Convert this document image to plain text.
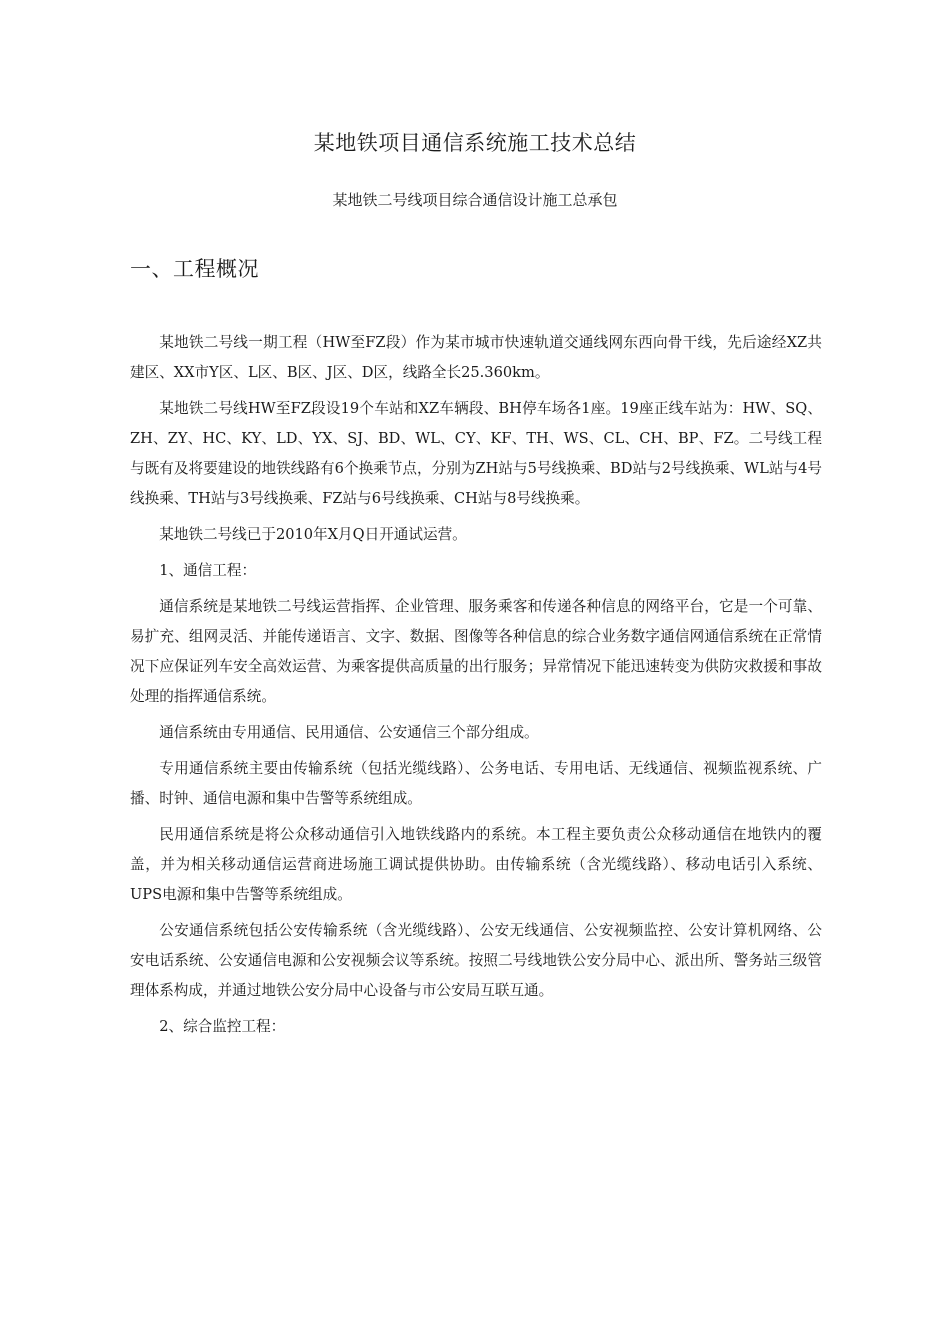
某地铁项目通信系统施工技术总结
某地铁二号线项目综合通信设计施工总承包
一、工程概况

某地铁二号线一期工程（HW至FZ段）作为某市城市快速轨道交通线网东西向骨干线，先后途经XZ共建区、XX市Y区、L区、B区、J区、D区，线路全长25.360km。

某地铁二号线HW至FZ段设19个车站和XZ车辆段、BH停车场各1座。19座正线车站为：HW、SQ、ZH、ZY、HC、KY、LD、YX、SJ、BD、WL、CY、KF、TH、WS、CL、CH、BP、FZ。二号线工程与既有及将要建设的地铁线路有6个换乘节点，分别为ZH站与5号线换乘、BD站与2号线换乘、WL站与4号线换乘、TH站与3号线换乘、FZ站与6号线换乘、CH站与8号线换乘。

某地铁二号线已于2010年X月Q日开通试运营。

1、通信工程：

通信系统是某地铁二号线运营指挥、企业管理、服务乘客和传递各种信息的网络平台，它是一个可靠、易扩充、组网灵活、并能传递语言、文字、数据、图像等各种信息的综合业务数字通信网通信系统在正常情况下应保证列车安全高效运营、为乘客提供高质量的出行服务；异常情况下能迅速转变为供防灾救援和事故处理的指挥通信系统。

通信系统由专用通信、民用通信、公安通信三个部分组成。

专用通信系统主要由传输系统（包括光缆线路）、公务电话、专用电话、无线通信、视频监视系统、广播、时钟、通信电源和集中告警等系统组成。

民用通信系统是将公众移动通信引入地铁线路内的系统。本工程主要负责公众移动通信在地铁内的覆盖，并为相关移动通信运营商进场施工调试提供协助。由传输系统（含光缆线路）、移动电话引入系统、UPS电源和集中告警等系统组成。

公安通信系统包括公安传输系统（含光缆线路）、公安无线通信、公安视频监控、公安计算机网络、公安电话系统、公安通信电源和公安视频会议等系统。按照二号线地铁公安分局中心、派出所、警务站三级管理体系构成，并通过地铁公安分局中心设备与市公安局互联互通。

2、综合监控工程：
